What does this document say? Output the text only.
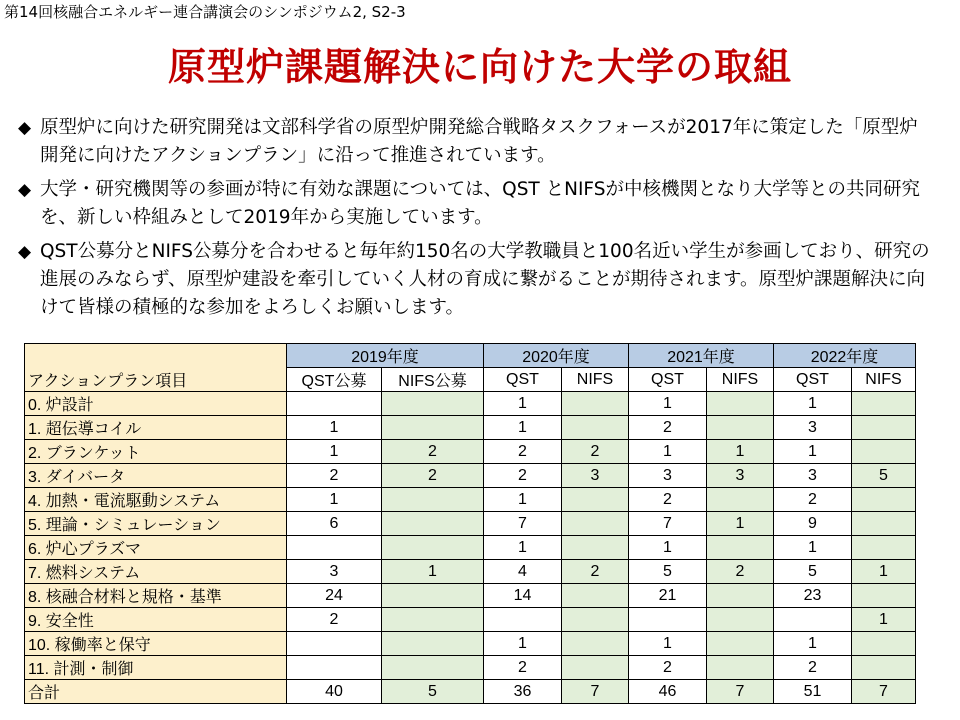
第14回核融合エネルギー連合講演会のシンポジウム2, S2-3
原型炉課題解決に向けた大学の取組
◆ 原型炉に向けた研究開発は文部科学省の原型炉開発総合戦略タスクフォースが2017年に策定した「原型炉開発に向けたアクションプラン」に沿って推進されています。
◆ 大学・研究機関等の参画が特に有効な課題については、QST とNIFSが中核機関となり大学等との共同研究を、新しい枠組みとして2019年から実施しています。
◆ QST公募分とNIFS公募分を合わせると毎年約150名の大学教職員と100名近い学生が参画しており、研究の進展のみならず、原型炉建設を牽引していく人材の育成に繋がることが期待されます。原型炉課題解決に向けて皆様の積極的な参加をよろしくお願いします。
アクションプラン項目	2019年度		2020年度		2021年度		2022年度	
	QST公募	NIFS公募	QST	NIFS	QST	NIFS	QST	NIFS
0. 炉設計			1		1		1	
1. 超伝導コイル	1		1		2		3	
2. ブランケット	1	2	2	2	1	1	1	
3. ダイバータ	2	2	2	3	3	3	3	5
4. 加熱・電流駆動システム	1		1		2		2	
5. 理論・シミュレーション	6		7		7	1	9	
6. 炉心プラズマ			1		1		1	
7. 燃料システム	3	1	4	2	5	2	5	1
8. 核融合材料と規格・基準	24		14		21		23	
9. 安全性	2							1
10. 稼働率と保守			1		1		1	
11. 計測・制御			2		2		2	
合計	40	5	36	7	46	7	51	7
